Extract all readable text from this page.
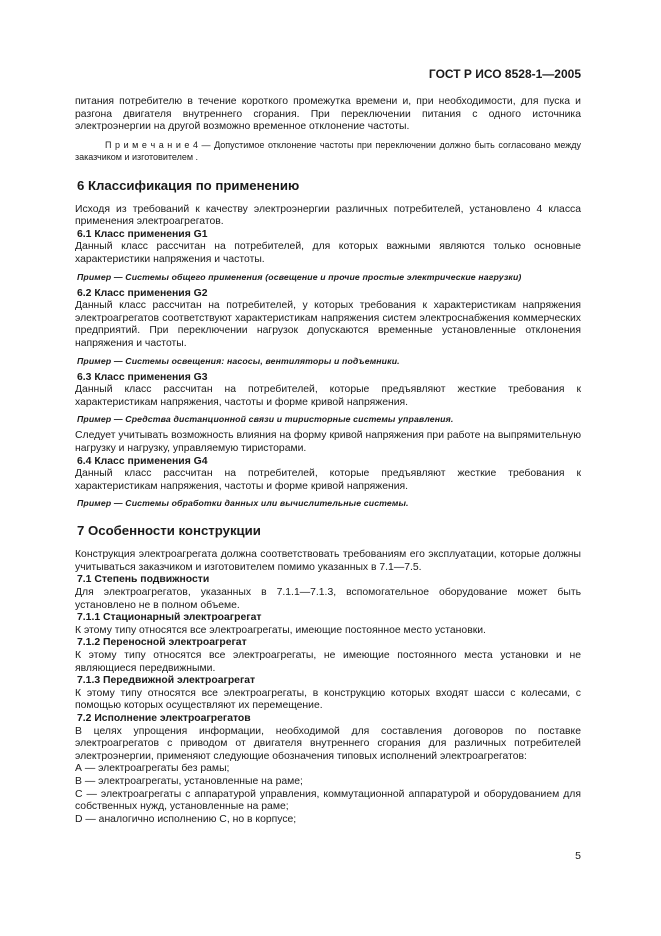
ГОСТ Р ИСО 8528-1—2005

питания потребителю в течение короткого промежутка времени и, при необходимости, для пуска и разгона двигателя внутреннего сгорания. При переключении питания с одного источника электроэнергии на другой возможно временное отклонение частоты.

П р и м е ч а н и е 4 — Допустимое отклонение частоты при переключении должно быть согласовано между заказчиком и изготовителем .

6 Классификация по применению

Исходя из требований к качеству электроэнергии различных потребителей, установлено 4 класса применения электроагрегатов.

6.1 Класс применения G1

Данный класс рассчитан на потребителей, для которых важными являются только основные характеристики напряжения и частоты.

Пример — Системы общего применения (освещение и прочие простые электрические нагрузки)

6.2 Класс применения G2

Данный класс рассчитан на потребителей, у которых требования к характеристикам напряжения электроагрегатов соответствуют характеристикам напряжения систем электроснабжения коммерческих предприятий. При переключении нагрузок допускаются временные установленные отклонения напряжения и частоты.

Пример — Системы освещения: насосы, вентиляторы и подъемники.

6.3 Класс применения G3

Данный класс рассчитан на потребителей, которые предъявляют жесткие требования к характеристикам напряжения, частоты и форме кривой напряжения.

Пример — Средства дистанционной связи и тиристорные системы управления.

Следует учитывать возможность влияния на форму кривой напряжения при работе на выпрямительную нагрузку и нагрузку, управляемую тиристорами.

6.4 Класс применения G4

Данный класс рассчитан на потребителей, которые предъявляют жесткие требования к характеристикам напряжения, частоты и форме кривой напряжения.

Пример — Системы обработки данных или вычислительные системы.

7 Особенности конструкции

Конструкция электроагрегата должна соответствовать требованиям его эксплуатации, которые должны учитываться заказчиком и изготовителем помимо указанных в 7.1—7.5.

7.1 Степень подвижности

Для электроагрегатов, указанных в 7.1.1—7.1.3, вспомогательное оборудование может быть установлено не в полном объеме.

7.1.1 Стационарный электроагрегат

К этому типу относятся все электроагрегаты, имеющие постоянное место установки.

7.1.2 Переносной электроагрегат

К этому типу относятся все электроагрегаты, не имеющие постоянного места установки и не являющиеся передвижными.

7.1.3 Передвижной электроагрегат

К этому типу относятся все электроагрегаты, в конструкцию которых входят шасси с колесами, с помощью которых осуществляют их перемещение.

7.2 Исполнение электроагрегатов

В целях упрощения информации, необходимой для составления договоров по поставке электроагрегатов с приводом от двигателя внутреннего сгорания для различных потребителей электроэнергии, применяют следующие обозначения типовых исполнений электроагрегатов:

А — электроагрегаты без рамы;

В — электроагрегаты, установленные на раме;

С — электроагрегаты с аппаратурой управления, коммутационной аппаратурой и оборудованием для собственных нужд, установленные на раме;

D — аналогично исполнению С, но в корпусе;

5
